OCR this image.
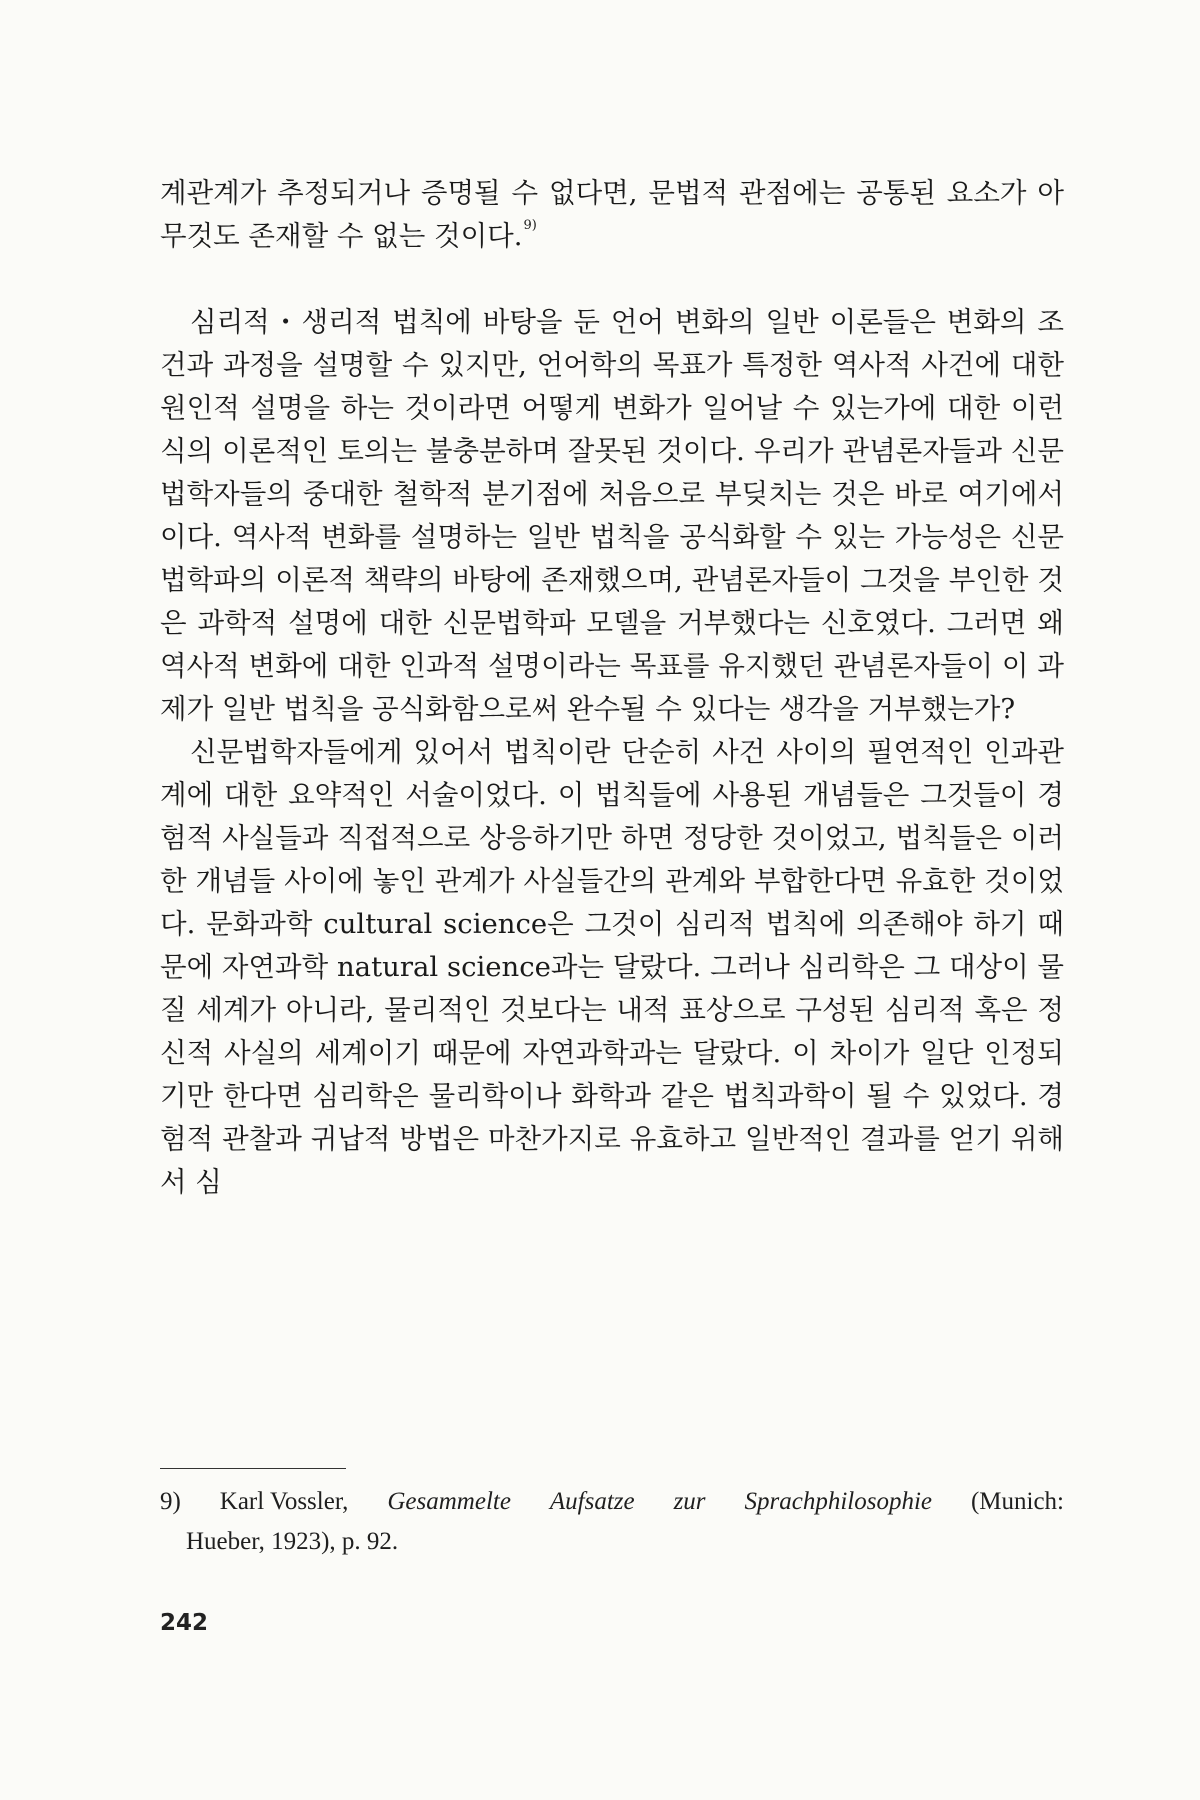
계관계가 추정되거나 증명될 수 없다면, 문법적 관점에는 공통된 요소가 아무것도 존재할 수 없는 것이다.$^{9)}$

심리적・생리적 법칙에 바탕을 둔 언어 변화의 일반 이론들은 변화의 조건과 과정을 설명할 수 있지만, 언어학의 목표가 특정한 역사적 사건에 대한 원인적 설명을 하는 것이라면 어떻게 변화가 일어날 수 있는가에 대한 이런 식의 이론적인 토의는 불충분하며 잘못된 것이다. 우리가 관념론자들과 신문법학자들의 중대한 철학적 분기점에 처음으로 부딪치는 것은 바로 여기에서이다. 역사적 변화를 설명하는 일반 법칙을 공식화할 수 있는 가능성은 신문법학파의 이론적 책략의 바탕에 존재했으며, 관념론자들이 그것을 부인한 것은 과학적 설명에 대한 신문법학파 모델을 거부했다는 신호였다. 그러면 왜 역사적 변화에 대한 인과적 설명이라는 목표를 유지했던 관념론자들이 이 과제가 일반 법칙을 공식화함으로써 완수될 수 있다는 생각을 거부했는가?

신문법학자들에게 있어서 법칙이란 단순히 사건 사이의 필연적인 인과관계에 대한 요약적인 서술이었다. 이 법칙들에 사용된 개념들은 그것들이 경험적 사실들과 직접적으로 상응하기만 하면 정당한 것이었고, 법칙들은 이러한 개념들 사이에 놓인 관계가 사실들간의 관계와 부합한다면 유효한 것이었다. 문화과학 cultural science은 그것이 심리적 법칙에 의존해야 하기 때문에 자연과학 natural science과는 달랐다. 그러나 심리학은 그 대상이 물질 세계가 아니라, 물리적인 것보다는 내적 표상으로 구성된 심리적 혹은 정신적 사실의 세계이기 때문에 자연과학과는 달랐다. 이 차이가 일단 인정되기만 한다면 심리학은 물리학이나 화학과 같은 법칙과학이 될 수 있었다. 경험적 관찰과 귀납적 방법은 마찬가지로 유효하고 일반적인 결과를 얻기 위해서 심

9) Karl Vossler, Gesammelte Aufsatze zur Sprachphilosophie (Munich:
Hueber, 1923), p. 92.
242
